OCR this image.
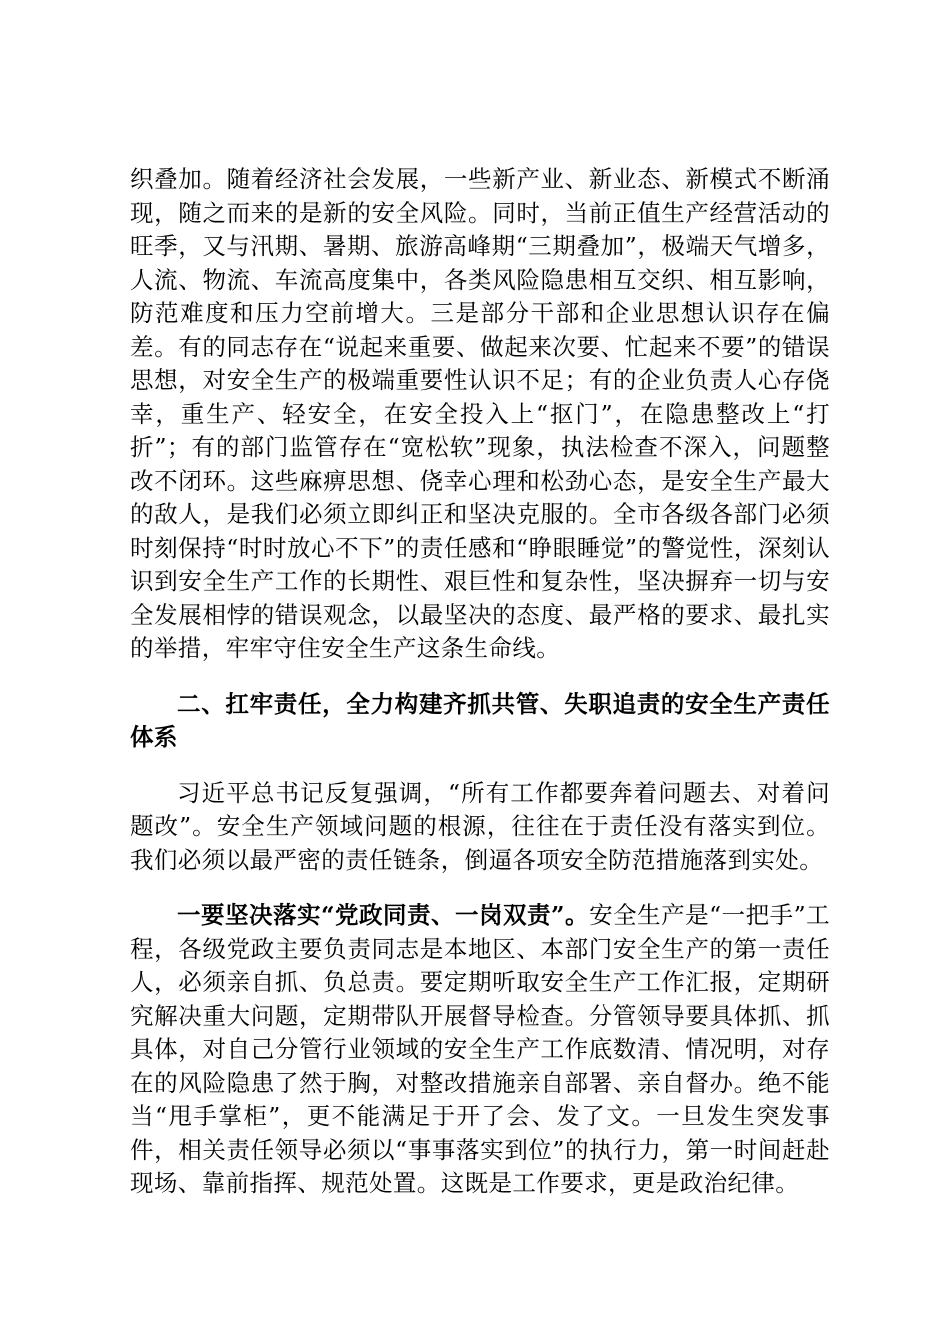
织叠加。随着经济社会发展，一些新产业、新业态、新模式不断涌现，随之而来的是新的安全风险。同时，当前正值生产经营活动的旺季，又与汛期、暑期、旅游高峰期“三期叠加”，极端天气增多，人流、物流、车流高度集中，各类风险隐患相互交织、相互影响，防范难度和压力空前增大。三是部分干部和企业思想认识存在偏差。有的同志存在“说起来重要、做起来次要、忙起来不要”的错误思想，对安全生产的极端重要性认识不足；有的企业负责人心存侥幸，重生产、轻安全，在安全投入上“抠门”，在隐患整改上“打折”；有的部门监管存在“宽松软”现象，执法检查不深入，问题整改不闭环。这些麻痹思想、侥幸心理和松劲心态，是安全生产最大的敌人，是我们必须立即纠正和坚决克服的。全市各级各部门必须时刻保持“时时放心不下”的责任感和“睁眼睡觉”的警觉性，深刻认识到安全生产工作的长期性、艰巨性和复杂性，坚决摒弃一切与安全发展相悖的错误观念，以最坚决的态度、最严格的要求、最扎实的举措，牢牢守住安全生产这条生命线。

二、扛牢责任，全力构建齐抓共管、失职追责的安全生产责任体系

习近平总书记反复强调，“所有工作都要奔着问题去、对着问题改”。安全生产领域问题的根源，往往在于责任没有落实到位。我们必须以最严密的责任链条，倒逼各项安全防范措施落到实处。

一要坚决落实“党政同责、一岗双责”。安全生产是“一把手”工程，各级党政主要负责同志是本地区、本部门安全生产的第一责任人，必须亲自抓、负总责。要定期听取安全生产工作汇报，定期研究解决重大问题，定期带队开展督导检查。分管领导要具体抓、抓具体，对自己分管行业领域的安全生产工作底数清、情况明，对存在的风险隐患了然于胸，对整改措施亲自部署、亲自督办。绝不能当“甩手掌柜”，更不能满足于开了会、发了文。一旦发生突发事件，相关责任领导必须以“事事落实到位”的执行力，第一时间赶赴现场、靠前指挥、规范处置。这既是工作要求，更是政治纪律。
